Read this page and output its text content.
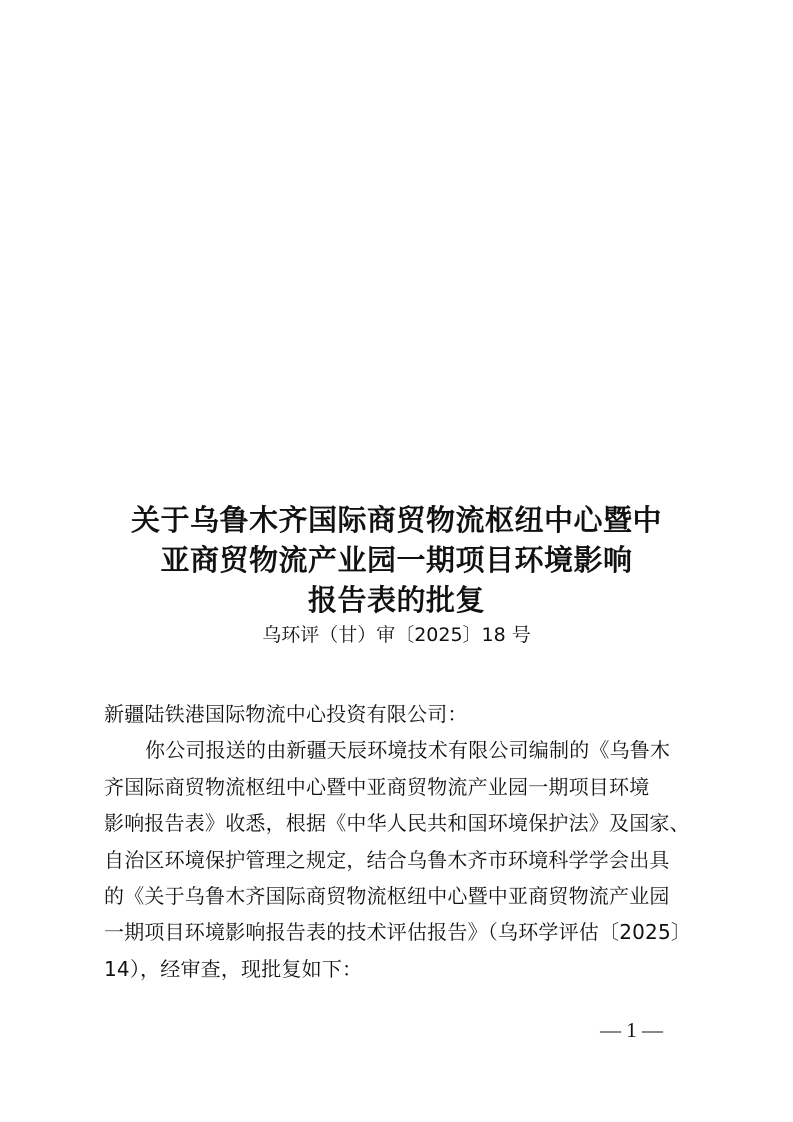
关于乌鲁木齐国际商贸物流枢纽中心暨中
亚商贸物流产业园一期项目环境影响
报告表的批复
乌环评（甘）审〔2025〕18 号
新疆陆铁港国际物流中心投资有限公司：
你公司报送的由新疆天辰环境技术有限公司编制的《乌鲁木
齐国际商贸物流枢纽中心暨中亚商贸物流产业园一期项目环境
影响报告表》收悉，根据《中华人民共和国环境保护法》及国家、
自治区环境保护管理之规定，结合乌鲁木齐市环境科学学会出具
的《关于乌鲁木齐国际商贸物流枢纽中心暨中亚商贸物流产业园
一期项目环境影响报告表的技术评估报告》（乌环学评估〔2025〕
14），经审查，现批复如下：
— 1 —
